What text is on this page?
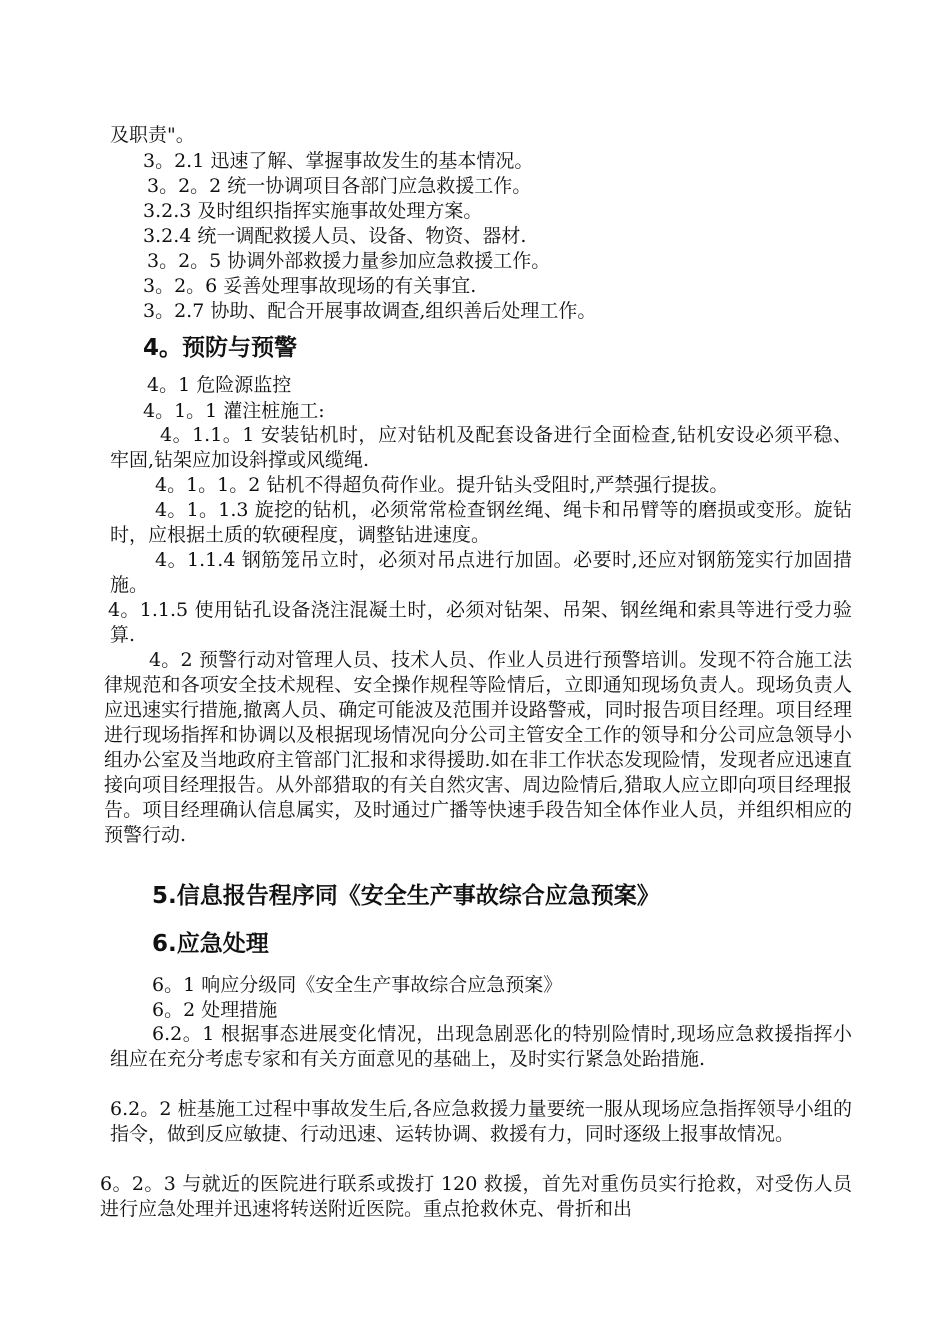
及职责"。
3。2.1 迅速了解、掌握事故发生的基本情况。
3。2。2 统一协调项目各部门应急救援工作。
3.2.3 及时组织指挥实施事故处理方案。
3.2.4 统一调配救援人员、设备、物资、器材.
3。2。5 协调外部救援力量参加应急救援工作。
3。2。6 妥善处理事故现场的有关事宜.
3。2.7 协助、配合开展事故调查,组织善后处理工作。
4。预防与预警
4。1 危险源监控
4。1。1 灌注桩施工:
4。1.1。1 安装钻机时，应对钻机及配套设备进行全面检查,钻机安设必须平稳、牢固,钻架应加设斜撑或风缆绳.
4。1。1。2 钻机不得超负荷作业。提升钻头受阻时,严禁强行提拔。
4。1。1.3 旋挖的钻机，必须常常检查钢丝绳、绳卡和吊臂等的磨损或变形。旋钻时，应根据土质的软硬程度，调整钻进速度。
4。1.1.4 钢筋笼吊立时，必须对吊点进行加固。必要时,还应对钢筋笼实行加固措施。
4。1.1.5 使用钻孔设备浇注混凝土时，必须对钻架、吊架、钢丝绳和索具等进行受力验算.
4。2 预警行动对管理人员、技术人员、作业人员进行预警培训。发现不符合施工法律规范和各项安全技术规程、安全操作规程等险情后，立即通知现场负责人。现场负责人应迅速实行措施,撤离人员、确定可能波及范围并设路警戒，同时报告项目经理。项目经理进行现场指挥和协调以及根据现场情况向分公司主管安全工作的领导和分公司应急领导小组办公室及当地政府主管部门汇报和求得援助.如在非工作状态发现险情，发现者应迅速直接向项目经理报告。从外部猎取的有关自然灾害、周边险情后,猎取人应立即向项目经理报告。项目经理确认信息属实，及时通过广播等快速手段告知全体作业人员，并组织相应的预警行动.
5.信息报告程序同《安全生产事故综合应急预案》
6.应急处理
6。1 响应分级同《安全生产事故综合应急预案》
6。2 处理措施
6.2。1 根据事态进展变化情况，出现急剧恶化的特别险情时,现场应急救援指挥小组应在充分考虑专家和有关方面意见的基础上，及时实行紧急处跆措施.
6.2。2 桩基施工过程中事故发生后,各应急救援力量要统一服从现场应急指挥领导小组的指令，做到反应敏捷、行动迅速、运转协调、救援有力，同时逐级上报事故情况。
6。2。3 与就近的医院进行联系或拨打 120 救援，首先对重伤员实行抢救，对受伤人员进行应急处理并迅速将转送附近医院。重点抢救休克、骨折和出
